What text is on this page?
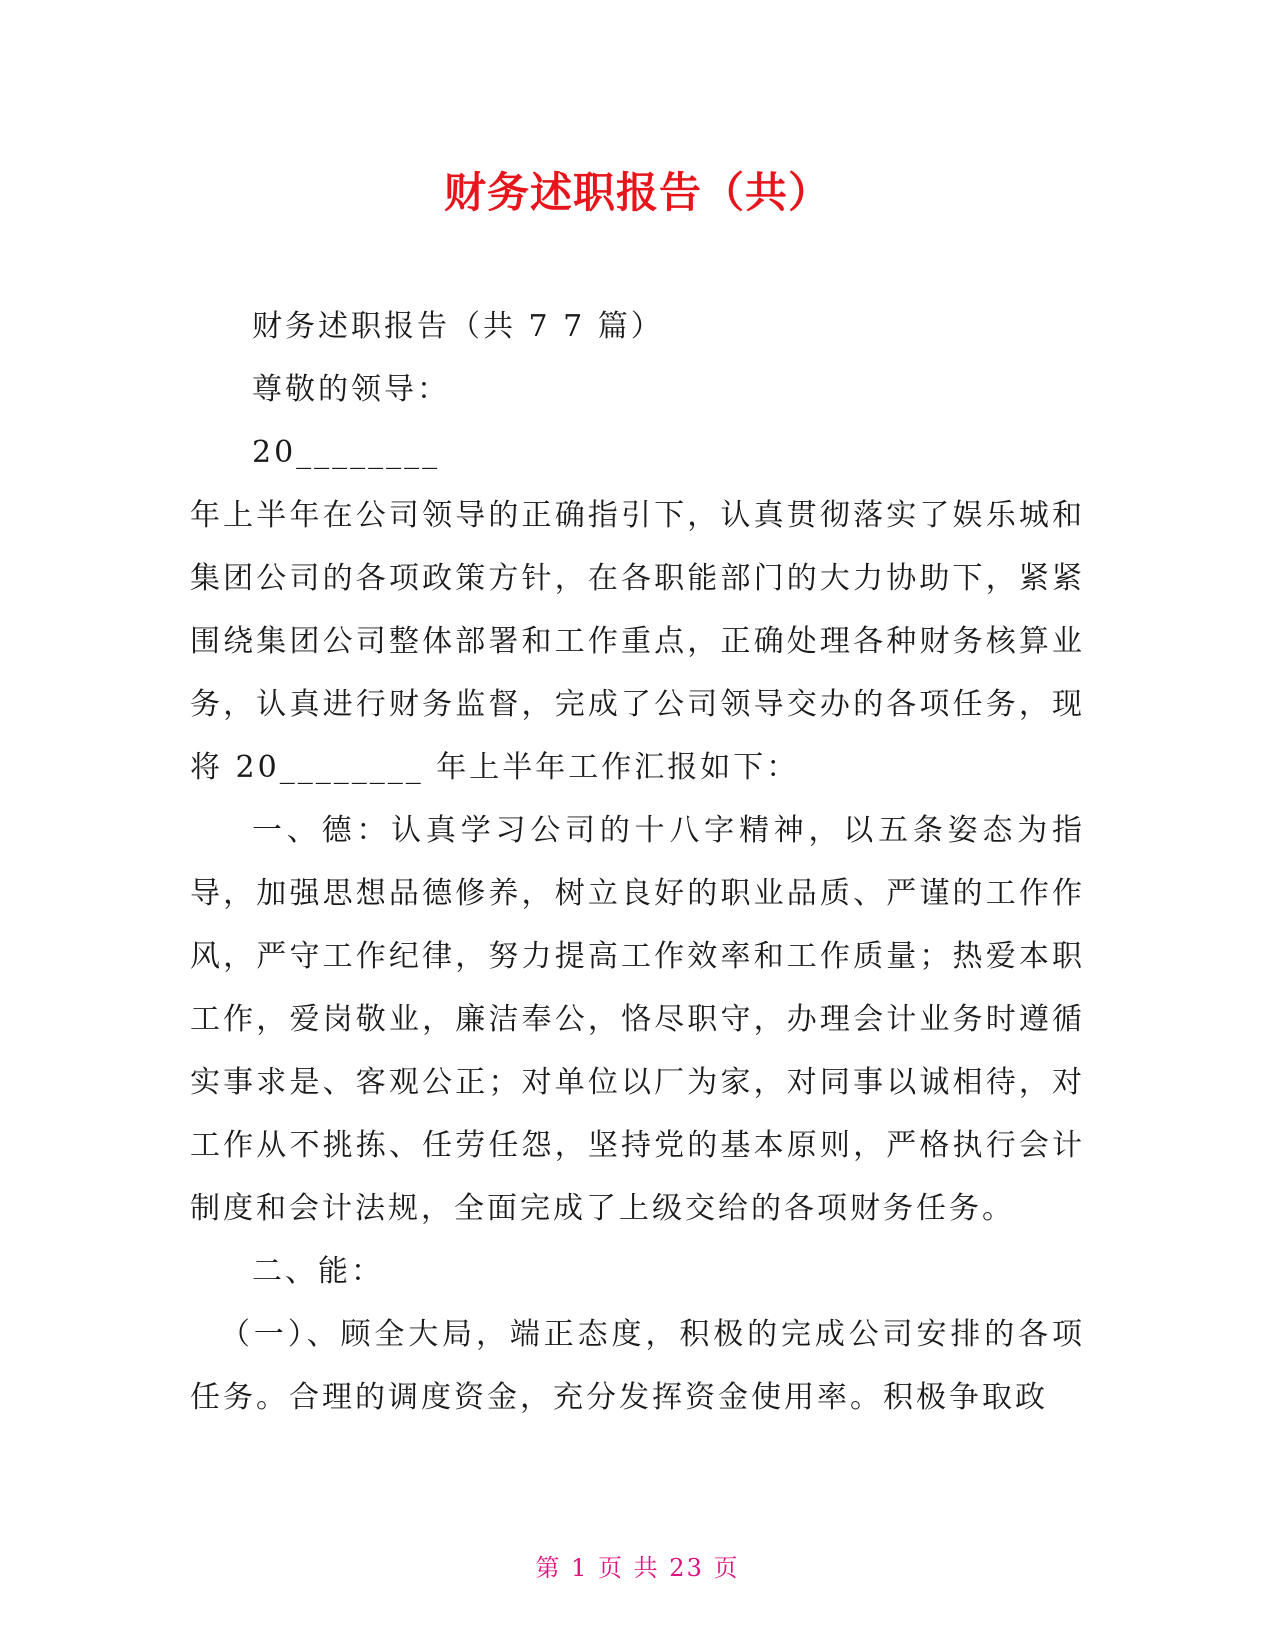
财务述职报告（共）

财务述职报告（共 7 7 篇）

尊敬的领导：

20________

年上半年在公司领导的正确指引下，认真贯彻落实了娱乐城和集团公司的各项政策方针，在各职能部门的大力协助下，紧紧围绕集团公司整体部署和工作重点，正确处理各种财务核算业务，认真进行财务监督，完成了公司领导交办的各项任务，现将 20________ 年上半年工作汇报如下：

一、德：认真学习公司的十八字精神，以五条姿态为指导，加强思想品德修养，树立良好的职业品质、严谨的工作作风，严守工作纪律，努力提高工作效率和工作质量；热爱本职工作，爱岗敬业，廉洁奉公，恪尽职守，办理会计业务时遵循实事求是、客观公正；对单位以厂为家，对同事以诚相待，对工作从不挑拣、任劳任怨，坚持党的基本原则，严格执行会计制度和会计法规，全面完成了上级交给的各项财务任务。

二、能：

（一）、顾全大局，端正态度，积极的完成公司安排的各项任务。合理的调度资金，充分发挥资金使用率。积极争取政

第 1 页 共 23 页
